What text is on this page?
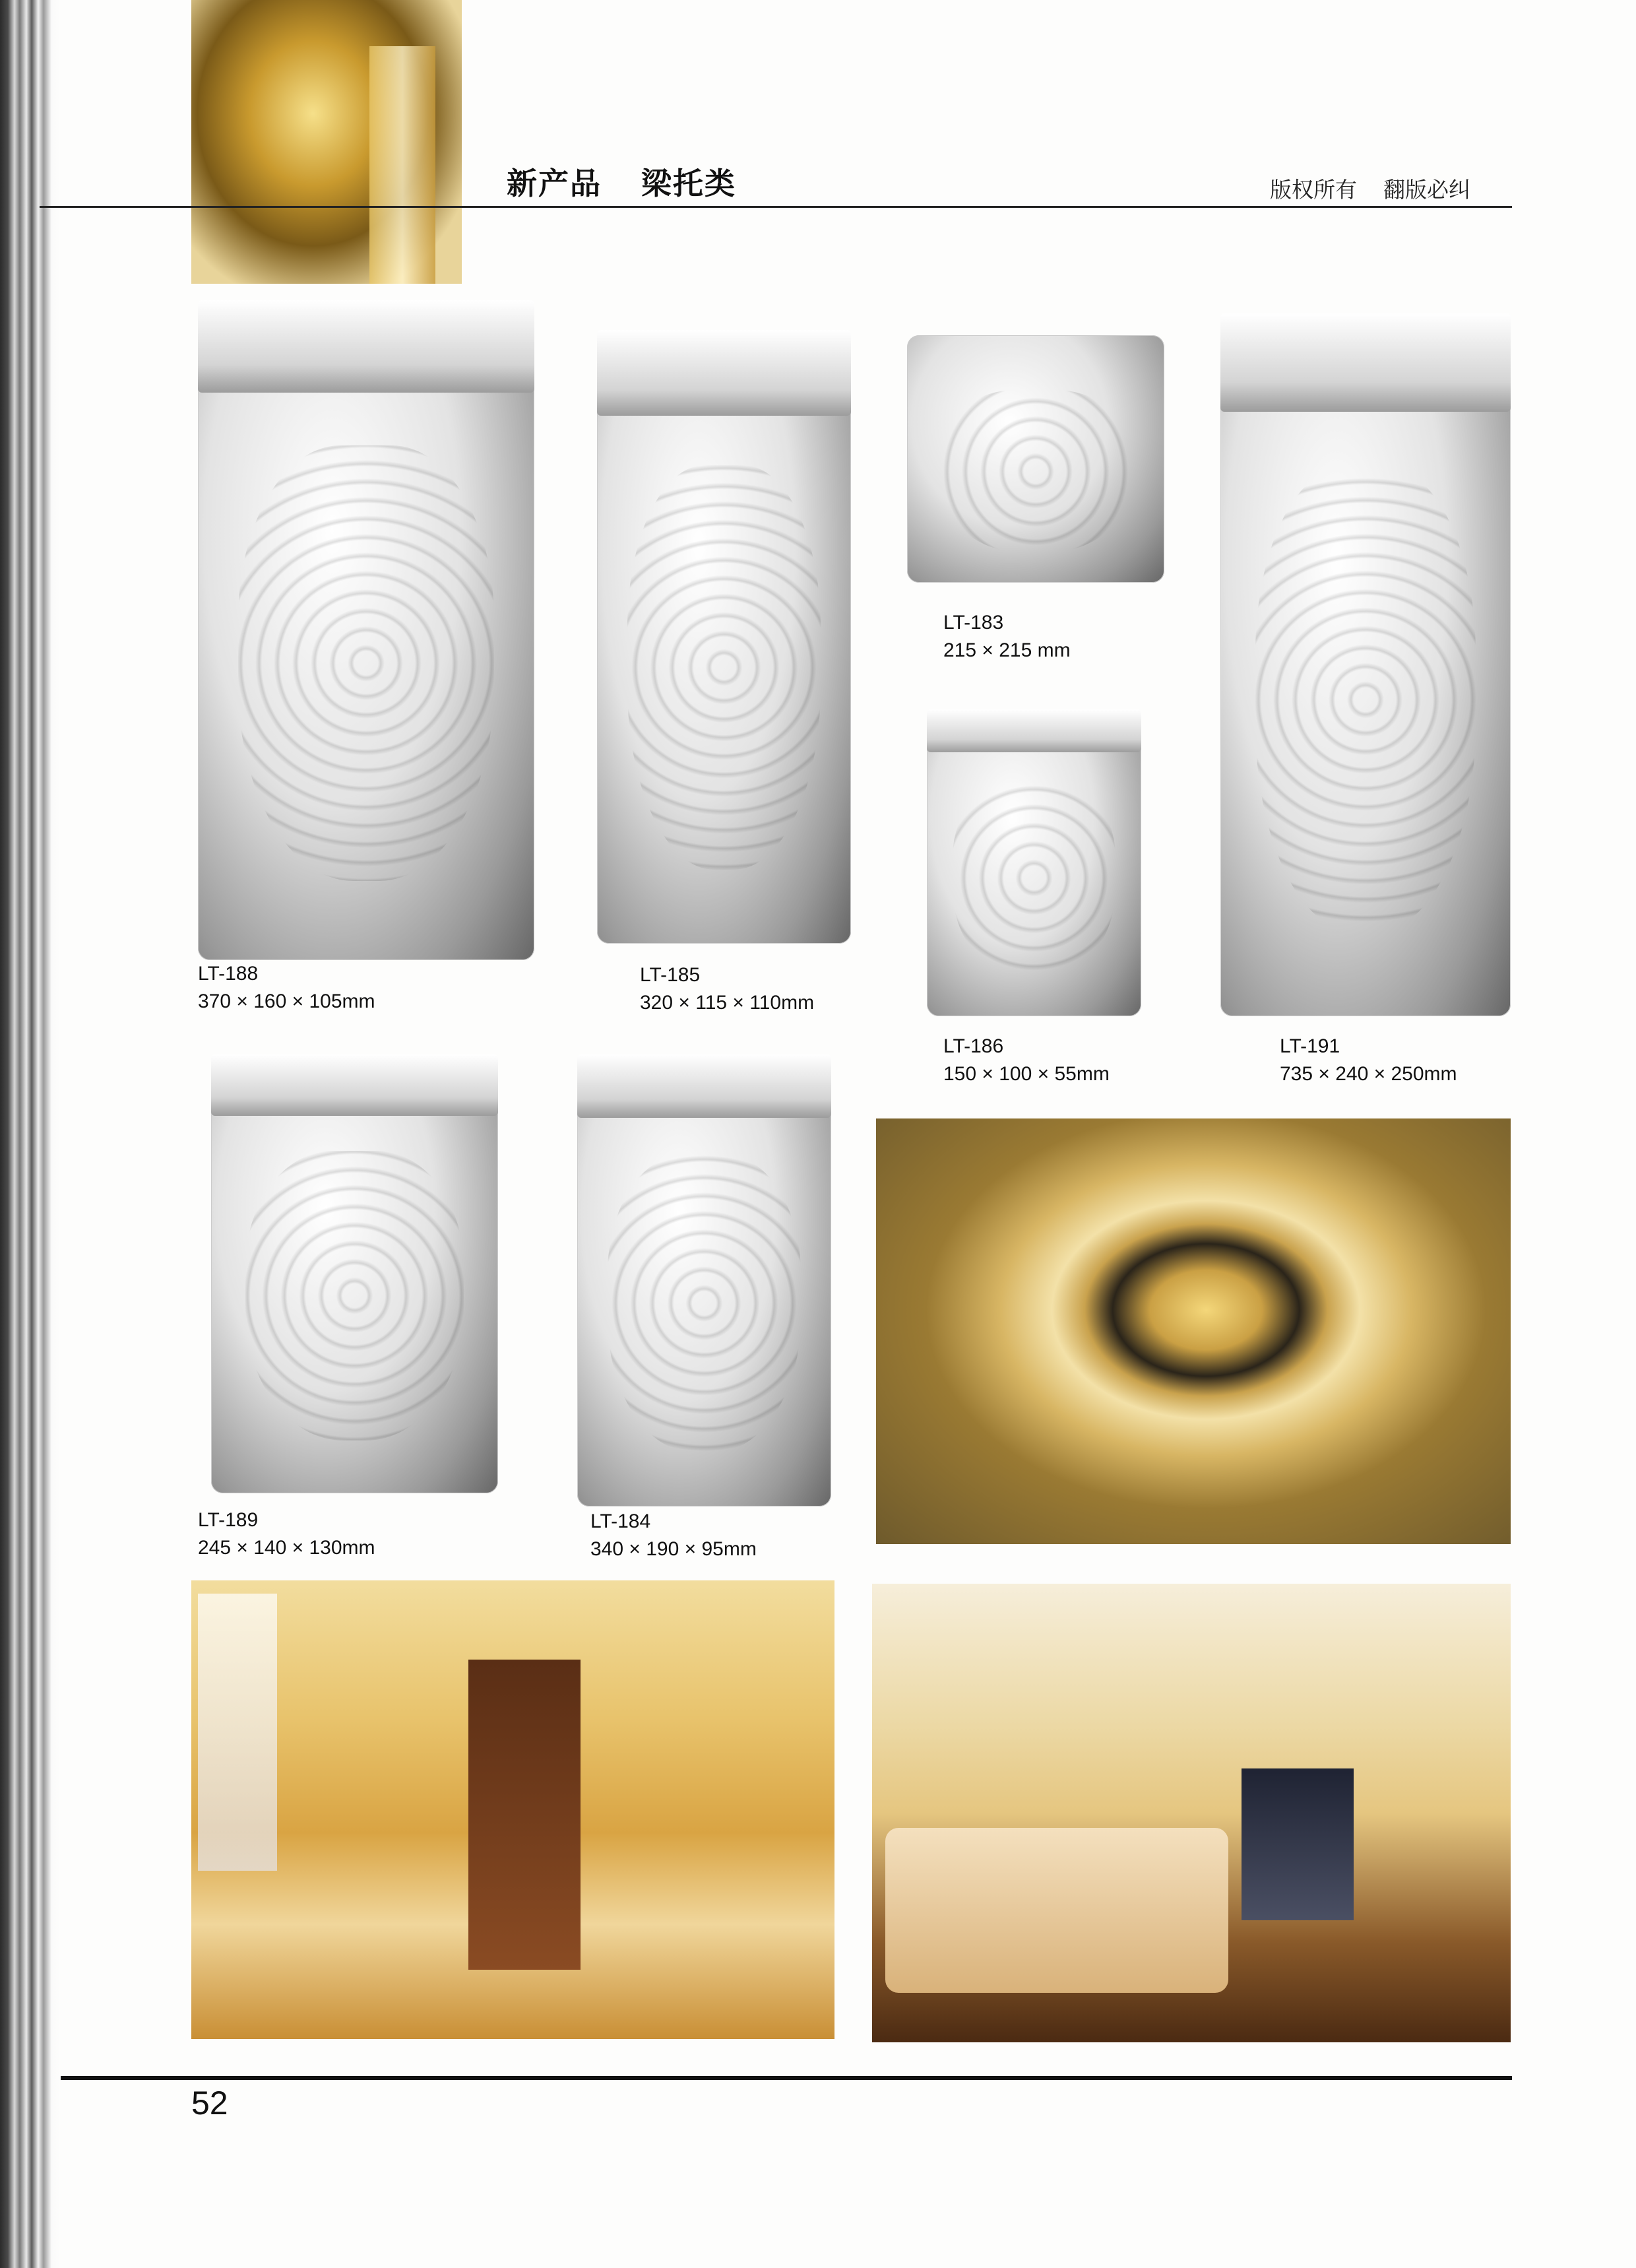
新产品 梁托类	版权所有 翻版必纠
LT-188
370 × 160 × 105mm
LT-185
320 × 115 × 110mm
LT-183
215 × 215 mm
LT-186
150 × 100 × 55mm
LT-191
735 × 240 × 250mm
LT-189
245 × 140 × 130mm
LT-184
340 × 190 × 95mm
52
